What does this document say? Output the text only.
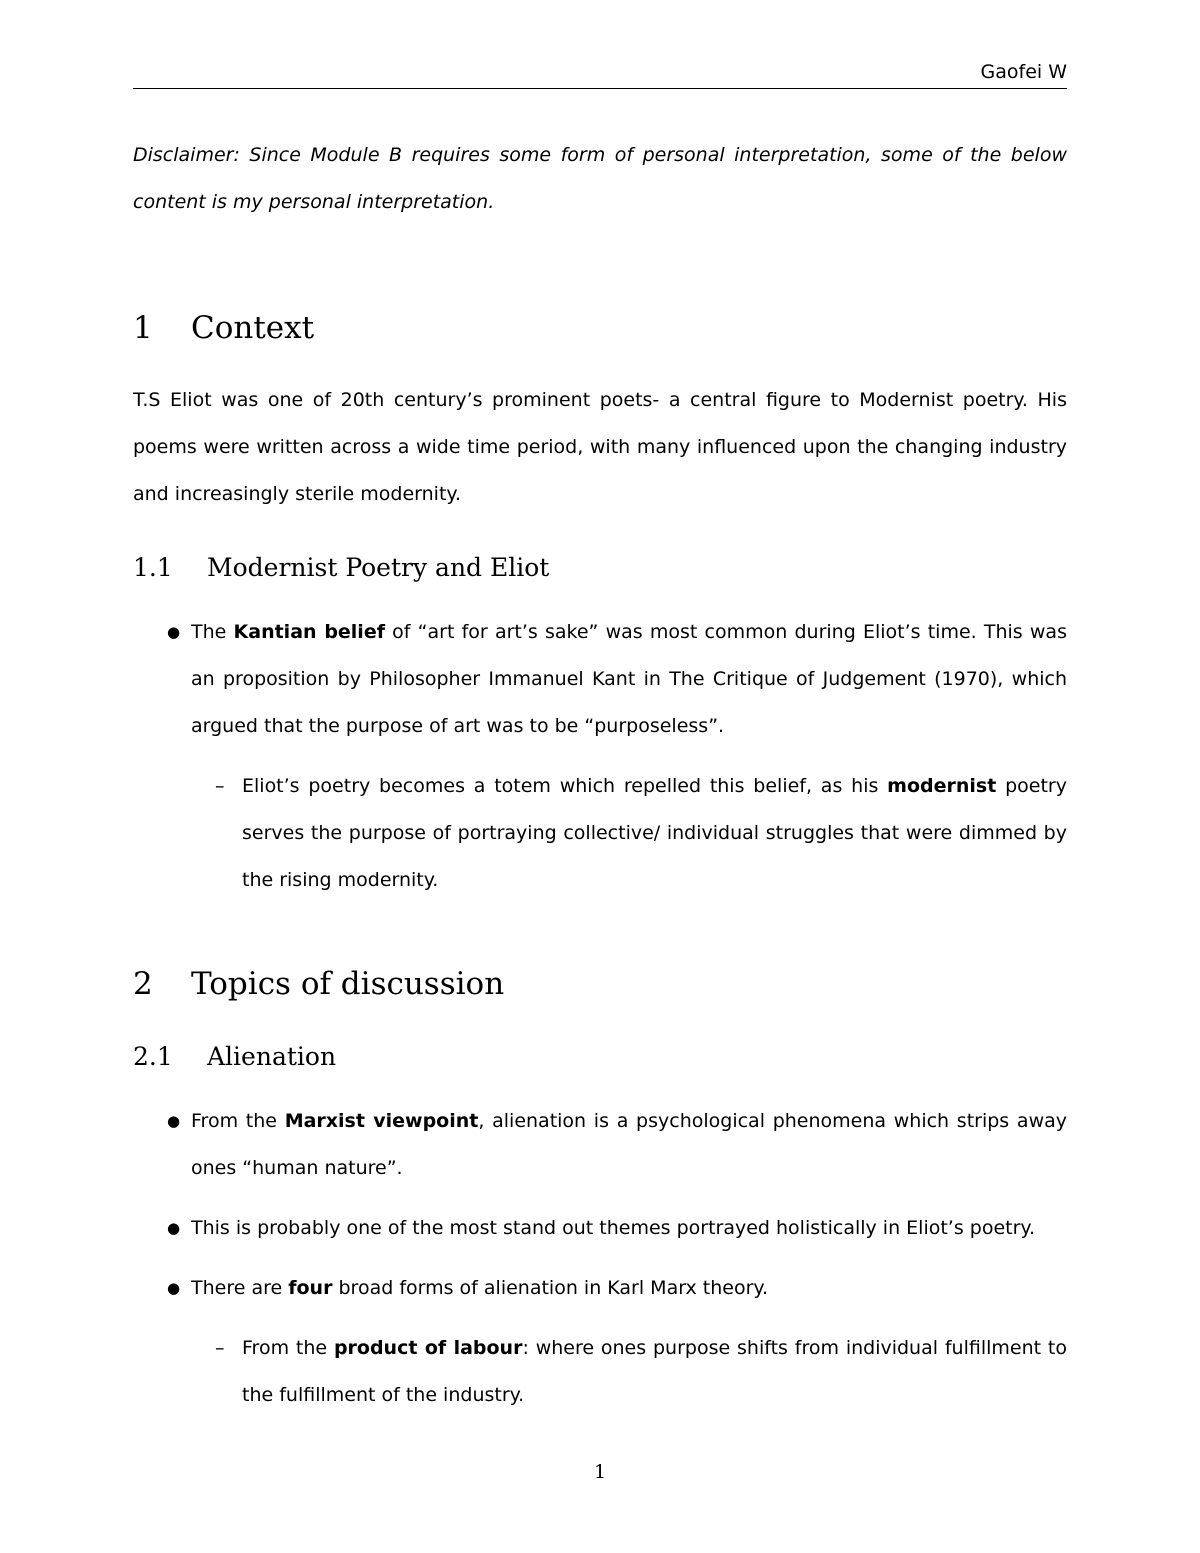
Gaofei W

Disclaimer: Since Module B requires some form of personal interpretation, some of the below content is my personal interpretation.

1 Context

T.S Eliot was one of 20th century’s prominent poets- a central figure to Modernist poetry. His poems were written across a wide time period, with many influenced upon the changing industry and increasingly sterile modernity.

1.1 Modernist Poetry and Eliot
● The Kantian belief of “art for art’s sake” was most common during Eliot’s time. This was an proposition by Philosopher Immanuel Kant in The Critique of Judgement (1970), which argued that the purpose of art was to be “purposeless”.
– Eliot’s poetry becomes a totem which repelled this belief, as his modernist poetry serves the purpose of portraying collective/ individual struggles that were dimmed by the rising modernity.
2 Topics of discussion
2.1 Alienation
● From the Marxist viewpoint, alienation is a psychological phenomena which strips away ones “human nature”.
● This is probably one of the most stand out themes portrayed holistically in Eliot’s poetry.
● There are four broad forms of alienation in Karl Marx theory.
– From the product of labour: where ones purpose shifts from individual fulfillment to the fulfillment of the industry.
1
